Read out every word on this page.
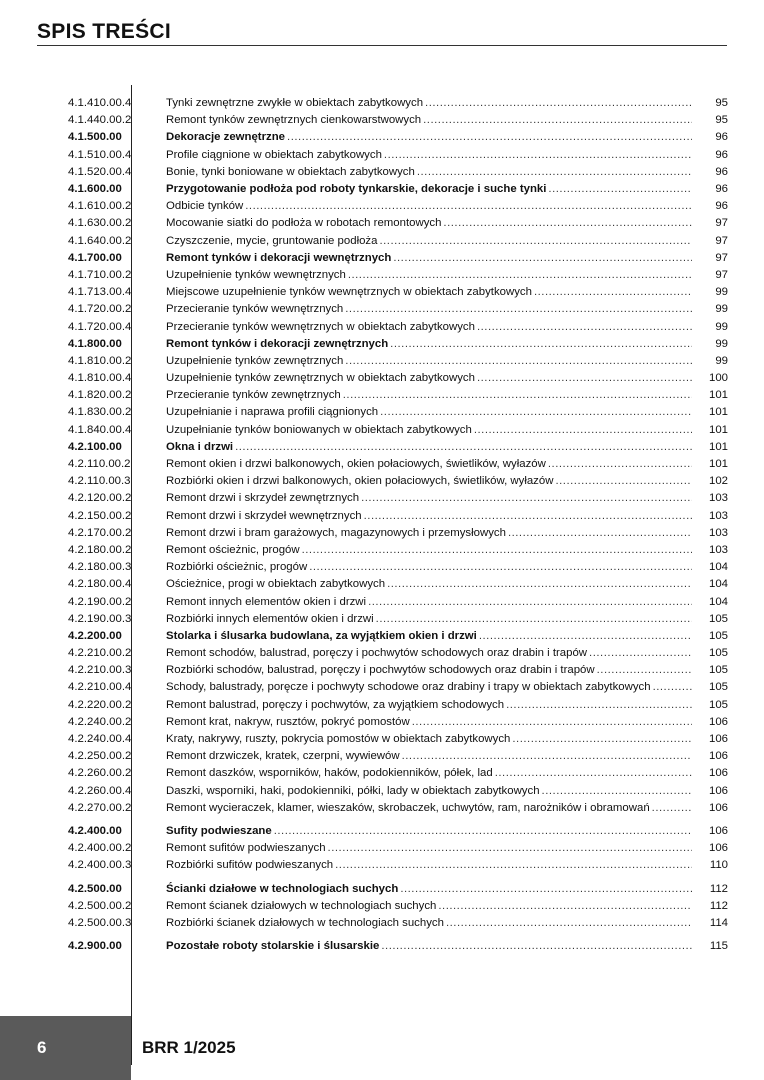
SPIS TREŚCI
4.1.410.00.4	Tynki zewnętrzne zwykłe w obiektach zabytkowych .....	95
4.1.440.00.2	Remont tynków zewnętrznych cienkowarstwowych .....	95
4.1.500.00	Dekoracje zewnętrzne .....	96
4.1.510.00.4	Profile ciągnione w obiektach zabytkowych .....	96
4.1.520.00.4	Bonie, tynki boniowane w obiektach zabytkowych .....	96
4.1.600.00	Przygotowanie podłoża pod roboty tynkarskie, dekoracje i suche tynki .....	96
4.1.610.00.2	Odbicie tynków .....	96
4.1.630.00.2	Mocowanie siatki do podłoża w robotach remontowych .....	97
4.1.640.00.2	Czyszczenie, mycie, gruntowanie podłoża .....	97
4.1.700.00	Remont tynków i dekoracji wewnętrznych .....	97
4.1.710.00.2	Uzupełnienie tynków wewnętrznych .....	97
4.1.713.00.4	Miejscowe uzupełnienie tynków wewnętrznych w obiektach zabytkowych .....	99
4.1.720.00.2	Przecieranie tynków wewnętrznych .....	99
4.1.720.00.4	Przecieranie tynków wewnętrznych w obiektach zabytkowych .....	99
4.1.800.00	Remont tynków i dekoracji zewnętrznych .....	99
4.1.810.00.2	Uzupełnienie tynków zewnętrznych .....	99
4.1.810.00.4	Uzupełnienie tynków zewnętrznych w obiektach zabytkowych .....	100
4.1.820.00.2	Przecieranie tynków zewnętrznych .....	101
4.1.830.00.2	Uzupełnianie i naprawa profili ciągnionych .....	101
4.1.840.00.4	Uzupełnianie tynków boniowanych w obiektach zabytkowych .....	101
4.2.100.00	Okna i drzwi .....	101
4.2.110.00.2	Remont okien i drzwi balkonowych, okien połaciowych, świetlików, wyłazów .....	101
4.2.110.00.3	Rozbiórki okien i drzwi balkonowych, okien połaciowych, świetlików, wyłazów .....	102
4.2.120.00.2	Remont drzwi i skrzydeł zewnętrznych .....	103
4.2.150.00.2	Remont drzwi i skrzydeł wewnętrznych .....	103
4.2.170.00.2	Remont drzwi i bram garażowych, magazynowych i przemysłowych .....	103
4.2.180.00.2	Remont ościeżnic, progów .....	103
4.2.180.00.3	Rozbiórki ościeżnic, progów .....	104
4.2.180.00.4	Ościeżnice, progi w obiektach zabytkowych .....	104
4.2.190.00.2	Remont innych elementów okien i drzwi .....	104
4.2.190.00.3	Rozbiórki innych elementów okien i drzwi .....	105
4.2.200.00	Stolarka i ślusarka budowlana, za wyjątkiem okien i drzwi .....	105
4.2.210.00.2	Remont schodów, balustrad, poręczy i pochwytów schodowych oraz drabin i trapów .....	105
4.2.210.00.3	Rozbiórki schodów, balustrad, poręczy i pochwytów schodowych oraz drabin i trapów .....	105
4.2.210.00.4	Schody, balustrady, poręcze i pochwyty schodowe oraz drabiny i trapy w obiektach zabytkowych .....	105
4.2.220.00.2	Remont balustrad, poręczy i pochwytów, za wyjątkiem schodowych .....	105
4.2.240.00.2	Remont krat, nakryw, rusztów, pokryć pomostów .....	106
4.2.240.00.4	Kraty, nakrywy, ruszty, pokrycia pomostów w obiektach zabytkowych .....	106
4.2.250.00.2	Remont drzwiczek, kratek, czerpni, wywiewów .....	106
4.2.260.00.2	Remont daszków, wsporników, haków, podokienników, półek, lad .....	106
4.2.260.00.4	Daszki, wsporniki, haki, podokienniki, półki, lady w obiektach zabytkowych .....	106
4.2.270.00.2	Remont wycieraczek, klamer, wieszaków, skrobaczek, uchwytów, ram, narożników i obramowań .....	106
4.2.400.00	Sufity podwieszane .....	106
4.2.400.00.2	Remont sufitów podwieszanych .....	106
4.2.400.00.3	Rozbiórki sufitów podwieszanych .....	110
4.2.500.00	Ścianki działowe w technologiach suchych .....	112
4.2.500.00.2	Remont ścianek działowych w technologiach suchych .....	112
4.2.500.00.3	Rozbiórki ścianek działowych w technologiach suchych .....	114
4.2.900.00	Pozostałe roboty stolarskie i ślusarskie .....	115
6	BRR 1/2025
